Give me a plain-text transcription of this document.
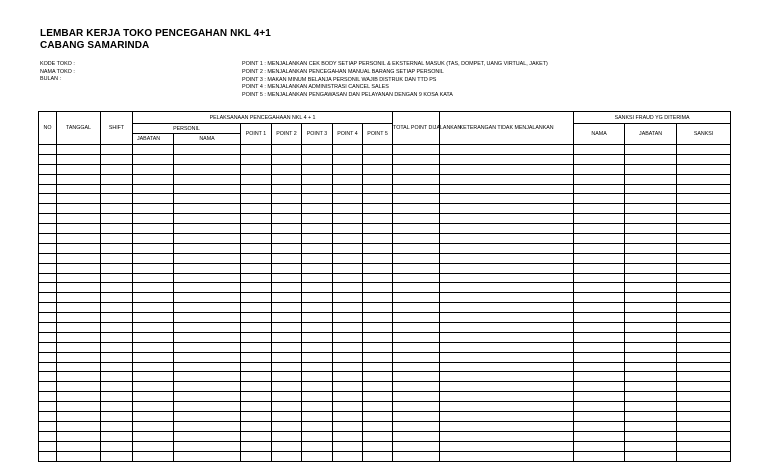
LEMBAR KERJA TOKO PENCEGAHAN NKL 4+1
CABANG SAMARINDA
KODE TOKO :
NAMA TOKO :
BULAN :
POINT 1 : MENJALANKAN CEK BODY SETIAP PERSONIL & EKSTERNAL MASUK (TAS, DOMPET, UANG VIRTUAL, JAKET)
POINT 2 : MENJALANKAN PENCEGAHAN MANUAL BARANG SETIAP PERSONIL
POINT 3 : MAKAN MINUM BELANJA PERSONIL WAJIB DISTRUK DAN TTD PS
POINT 4 : MENJALANKAN ADMINISTRASI CANCEL SALES
POINT 5 : MENJALANKAN PENGAWASAN DAN PELAYANAN DENGAN 9 KOSA KATA
NO	TANGGAL	SHIFT	PELAKSANAAN PENCEGAHAAN NKL 4 + 1							TOTAL POINT DIJALANKAN	KETERANGAN TIDAK MENJALANKAN	SANKSI FRAUD YG DITERIMA		
			PERSONIL		POINT 1	POINT 2	POINT 3	POINT 4	POINT 5			NAMA	JABATAN	SANKSI
			JABATAN	NAMA										
